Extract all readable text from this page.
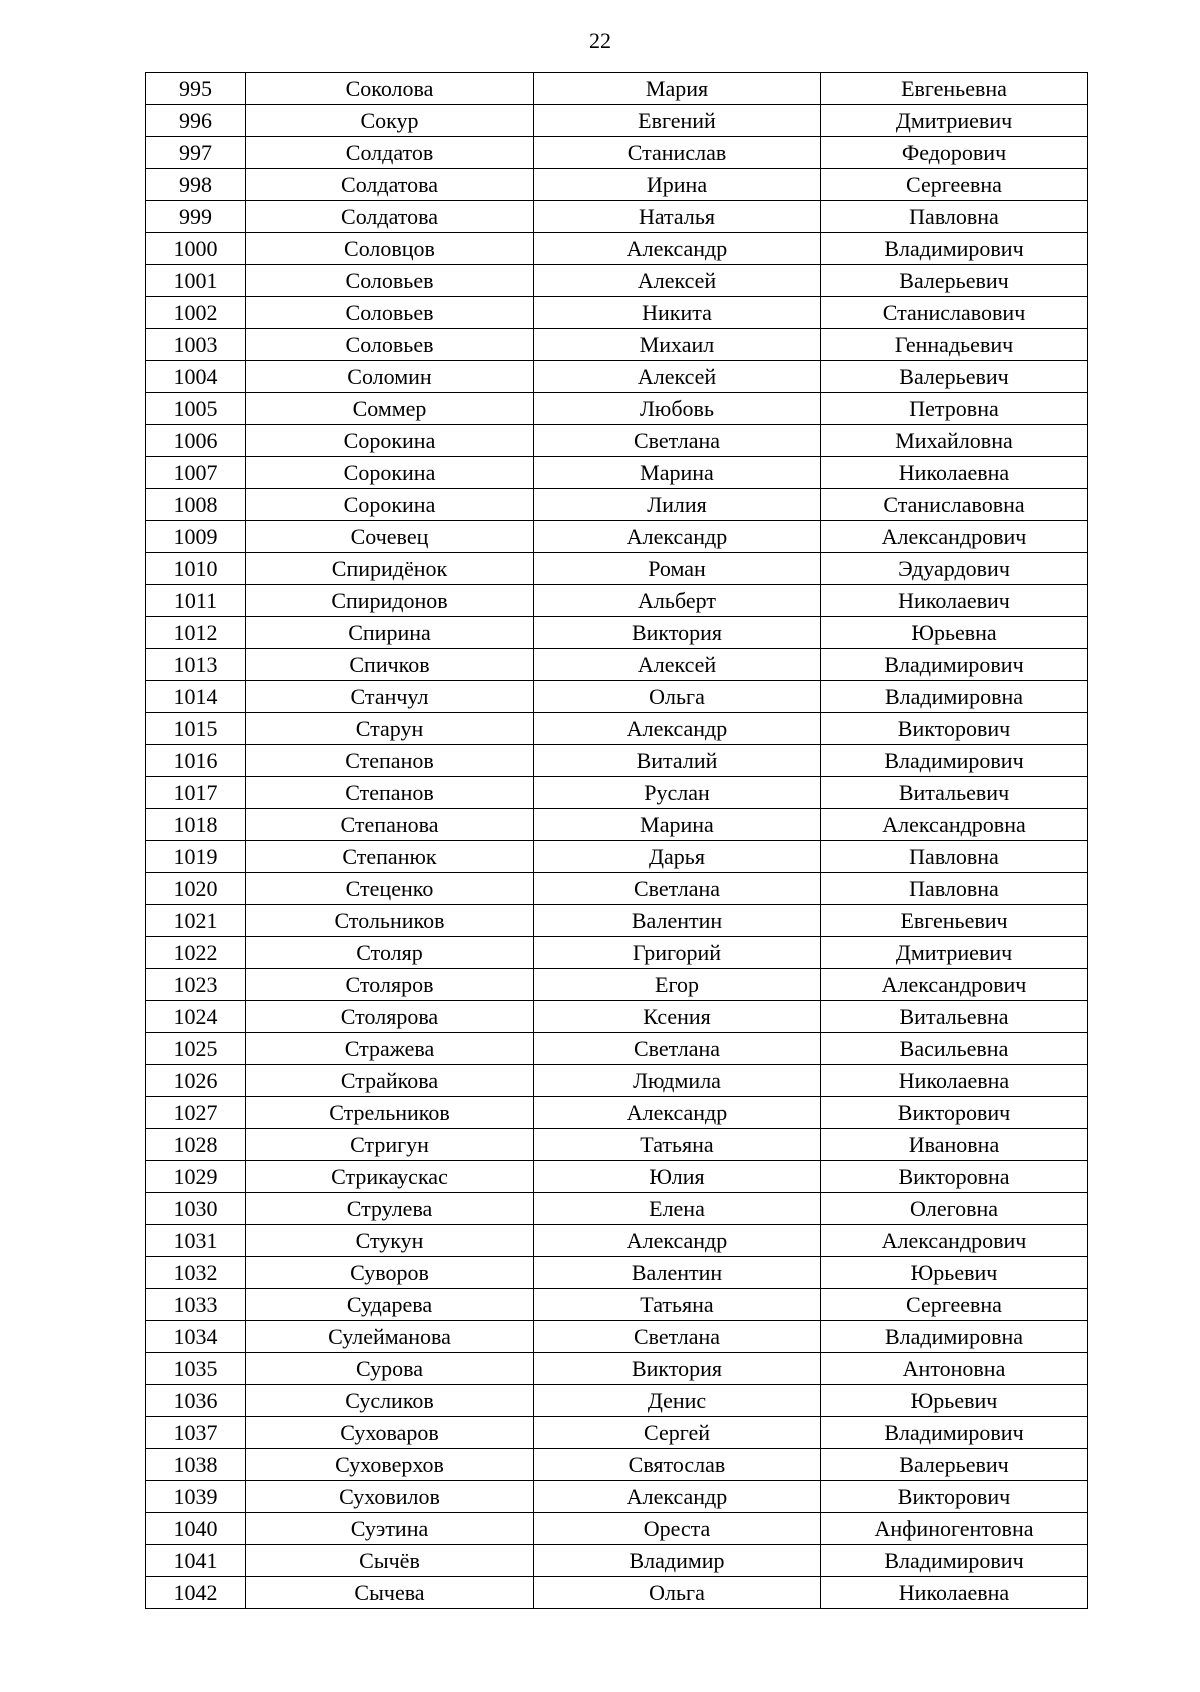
22
995	Соколова	Мария	Евгеньевна
996	Сокур	Евгений	Дмитриевич
997	Солдатов	Станислав	Федорович
998	Солдатова	Ирина	Сергеевна
999	Солдатова	Наталья	Павловна
1000	Соловцов	Александр	Владимирович
1001	Соловьев	Алексей	Валерьевич
1002	Соловьев	Никита	Станиславович
1003	Соловьев	Михаил	Геннадьевич
1004	Соломин	Алексей	Валерьевич
1005	Соммер	Любовь	Петровна
1006	Сорокина	Светлана	Михайловна
1007	Сорокина	Марина	Николаевна
1008	Сорокина	Лилия	Станиславовна
1009	Сочевец	Александр	Александрович
1010	Спиридёнок	Роман	Эдуардович
1011	Спиридонов	Альберт	Николаевич
1012	Спирина	Виктория	Юрьевна
1013	Спичков	Алексей	Владимирович
1014	Станчул	Ольга	Владимировна
1015	Старун	Александр	Викторович
1016	Степанов	Виталий	Владимирович
1017	Степанов	Руслан	Витальевич
1018	Степанова	Марина	Александровна
1019	Степанюк	Дарья	Павловна
1020	Стеценко	Светлана	Павловна
1021	Стольников	Валентин	Евгеньевич
1022	Столяр	Григорий	Дмитриевич
1023	Столяров	Егор	Александрович
1024	Столярова	Ксения	Витальевна
1025	Стражева	Светлана	Васильевна
1026	Страйкова	Людмила	Николаевна
1027	Стрельников	Александр	Викторович
1028	Стригун	Татьяна	Ивановна
1029	Стрикаускас	Юлия	Викторовна
1030	Струлева	Елена	Олеговна
1031	Стукун	Александр	Александрович
1032	Суворов	Валентин	Юрьевич
1033	Сударева	Татьяна	Сергеевна
1034	Сулейманова	Светлана	Владимировна
1035	Сурова	Виктория	Антоновна
1036	Сусликов	Денис	Юрьевич
1037	Суховаров	Сергей	Владимирович
1038	Суховерхов	Святослав	Валерьевич
1039	Суховилов	Александр	Викторович
1040	Суэтина	Ореста	Анфиногентовна
1041	Сычёв	Владимир	Владимирович
1042	Сычева	Ольга	Николаевна
